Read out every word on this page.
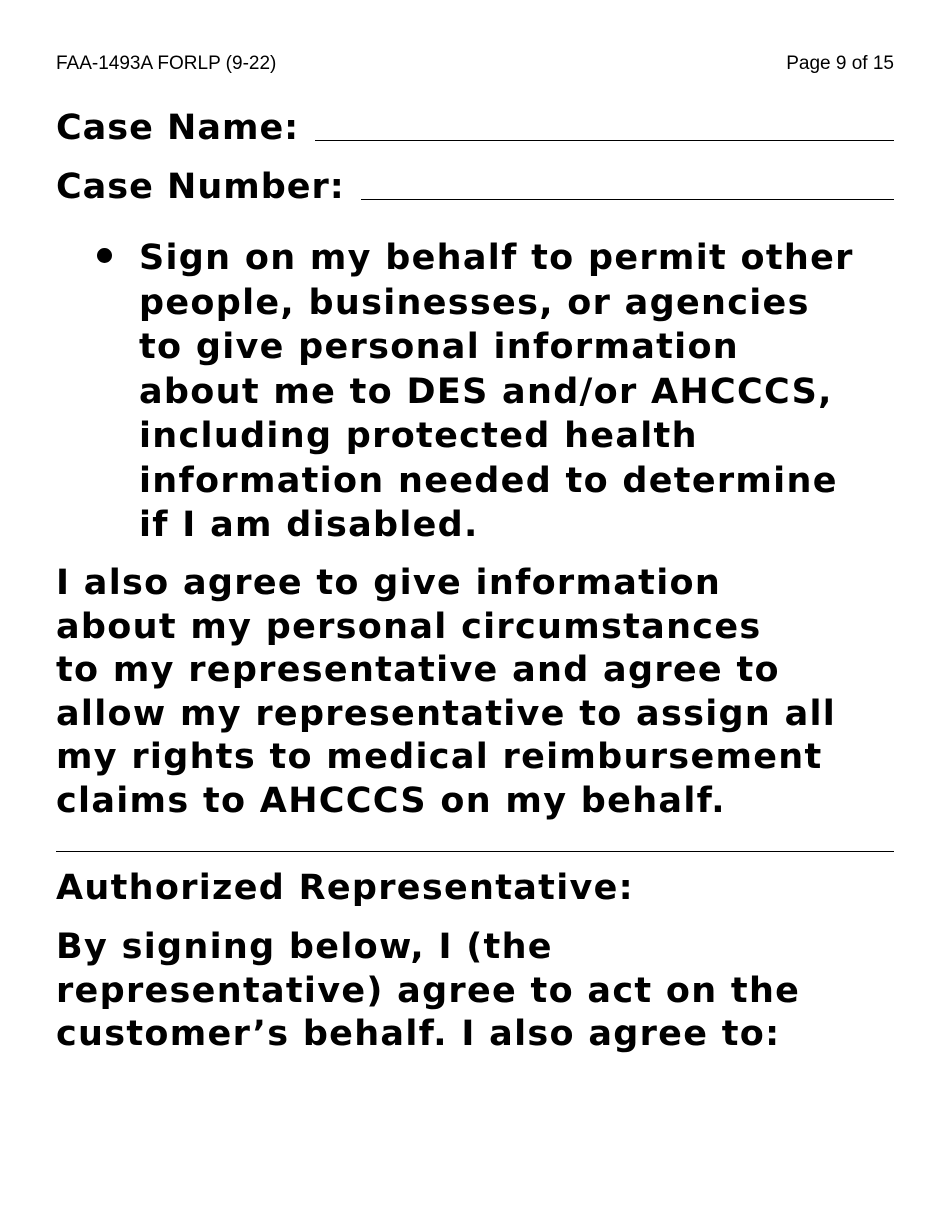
FAA-1493A FORLP (9-22)	Page 9 of 15
Case Name:
Case Number:
Sign on my behalf to permit other
people, businesses, or agencies
to give personal information
about me to DES and/or AHCCCS,
including protected health
information needed to determine
if I am disabled.
I also agree to give information
about my personal circumstances
to my representative and agree to
allow my representative to assign all
my rights to medical reimbursement
claims to AHCCCS on my behalf.
Authorized Representative:
By signing below, I (the
representative) agree to act on the
customer’s behalf. I also agree to:
